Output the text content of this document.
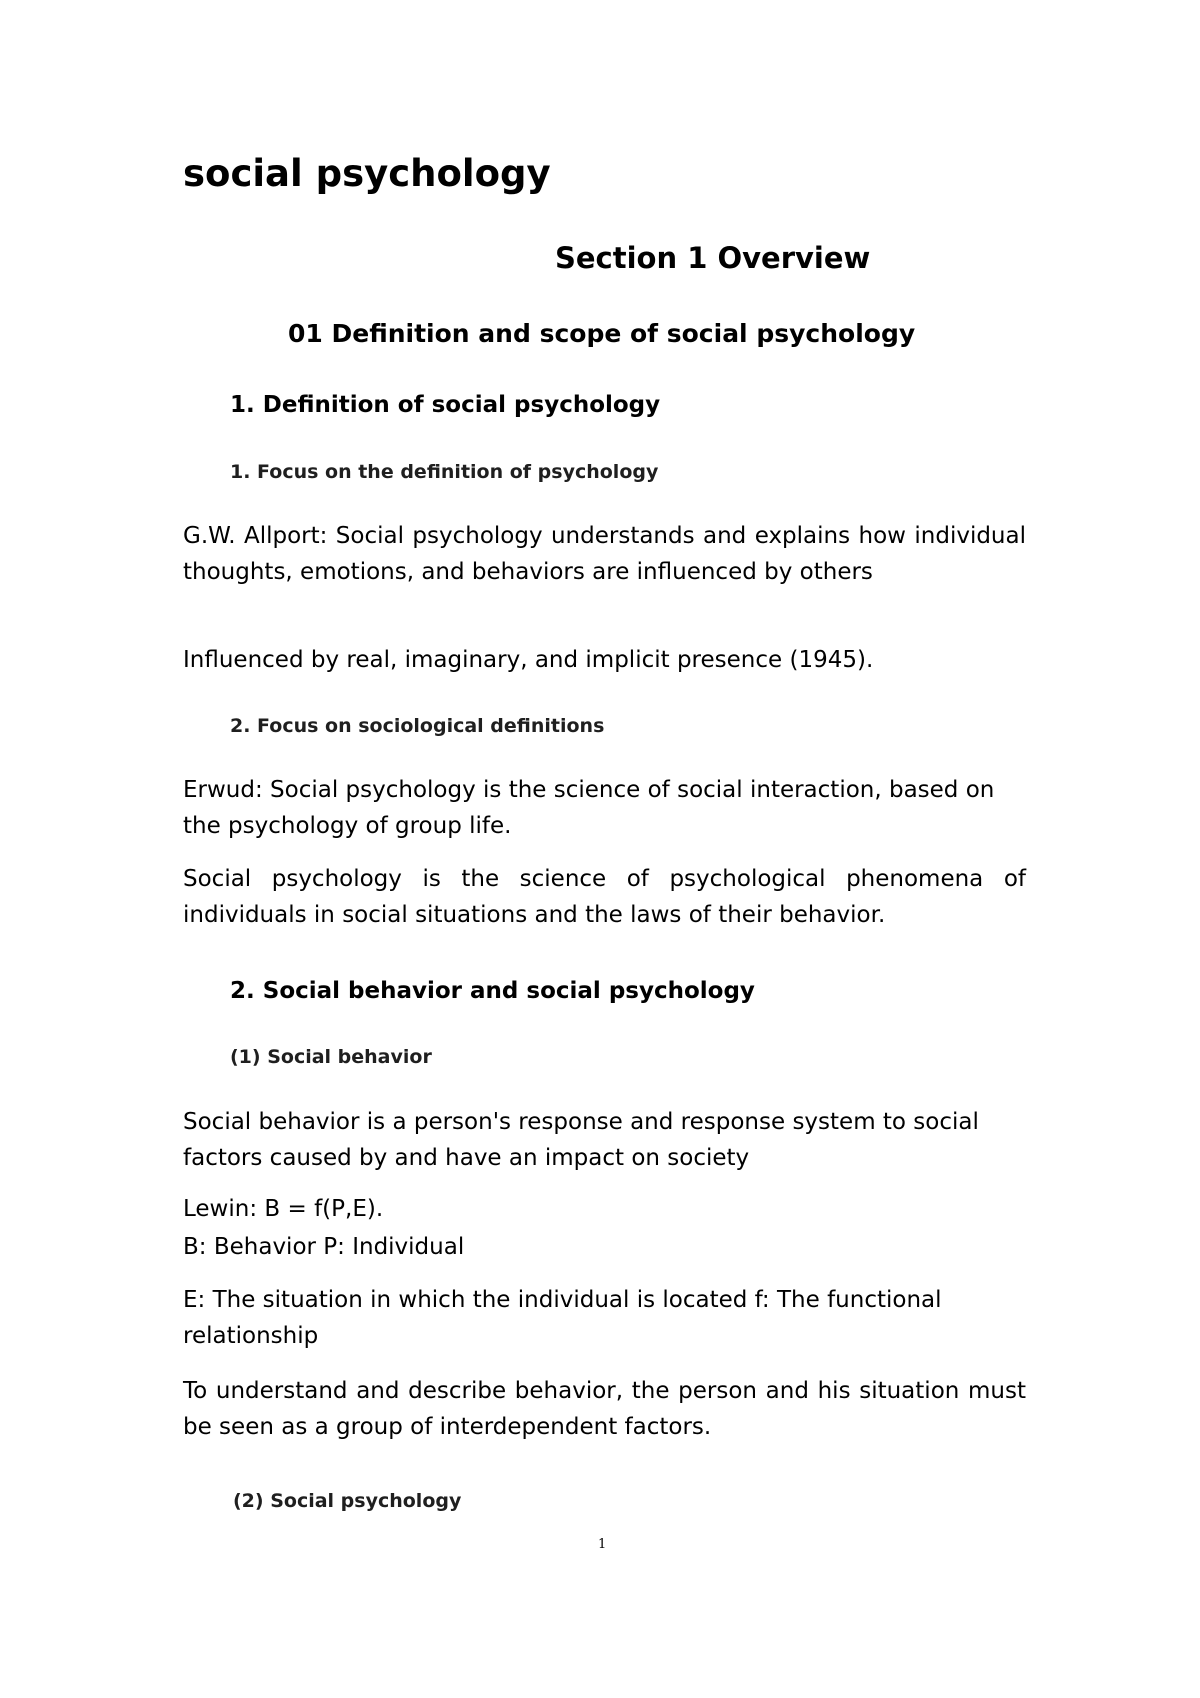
social psychology
Section 1 Overview
01 Definition and scope of social psychology
1. Definition of social psychology
1. Focus on the definition of psychology

G.W. Allport: Social psychology understands and explains how individual thoughts, emotions, and behaviors are influenced by others

Influenced by real, imaginary, and implicit presence (1945).

2. Focus on sociological definitions

Erwud: Social psychology is the science of social interaction, based on the psychology of group life.

Social psychology is the science of psychological phenomena of individuals in social situations and the laws of their behavior.

2. Social behavior and social psychology
(1) Social behavior

Social behavior is a person's response and response system to social factors caused by and have an impact on society

Lewin: B = f(P,E).

B: Behavior P: Individual

E: The situation in which the individual is located f: The functional relationship

To understand and describe behavior, the person and his situation must be seen as a group of interdependent factors.

(2) Social psychology
1
